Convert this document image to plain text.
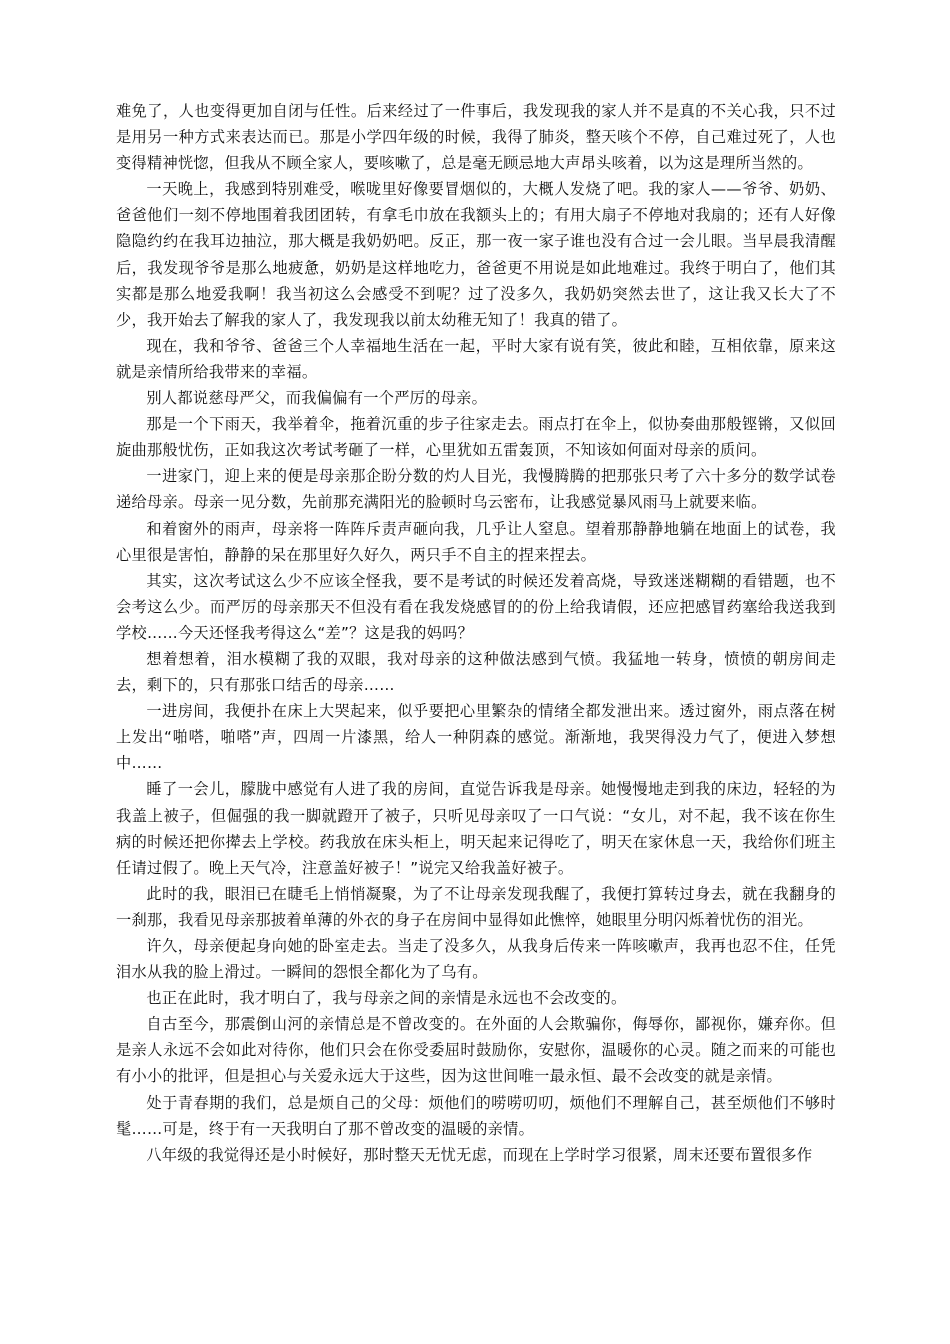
难免了，人也变得更加自闭与任性。后来经过了一件事后，我发现我的家人并不是真的不关心我，只不过是用另一种方式来表达而已。那是小学四年级的时候，我得了肺炎，整天咳个不停，自己难过死了，人也变得精神恍惚，但我从不顾全家人，要咳嗽了，总是毫无顾忌地大声昂头咳着，以为这是理所当然的。

一天晚上，我感到特别难受，喉咙里好像要冒烟似的，大概人发烧了吧。我的家人——爷爷、奶奶、爸爸他们一刻不停地围着我团团转，有拿毛巾放在我额头上的；有用大扇子不停地对我扇的；还有人好像隐隐约约在我耳边抽泣，那大概是我奶奶吧。反正，那一夜一家子谁也没有合过一会儿眼。当早晨我清醒后，我发现爷爷是那么地疲惫，奶奶是这样地吃力，爸爸更不用说是如此地难过。我终于明白了，他们其实都是那么地爱我啊！我当初这么会感受不到呢？过了没多久，我奶奶突然去世了，这让我又长大了不少，我开始去了解我的家人了，我发现我以前太幼稚无知了！我真的错了。

现在，我和爷爷、爸爸三个人幸福地生活在一起，平时大家有说有笑，彼此和睦，互相依靠，原来这就是亲情所给我带来的幸福。

别人都说慈母严父，而我偏偏有一个严厉的母亲。

那是一个下雨天，我举着伞，拖着沉重的步子往家走去。雨点打在伞上，似协奏曲那般铿锵，又似回旋曲那般忧伤，正如我这次考试考砸了一样，心里犹如五雷轰顶，不知该如何面对母亲的质问。

一进家门，迎上来的便是母亲那企盼分数的灼人目光，我慢腾腾的把那张只考了六十多分的数学试卷递给母亲。母亲一见分数，先前那充满阳光的脸顿时乌云密布，让我感觉暴风雨马上就要来临。

和着窗外的雨声，母亲将一阵阵斥责声砸向我，几乎让人窒息。望着那静静地躺在地面上的试卷，我心里很是害怕，静静的呆在那里好久好久，两只手不自主的捏来捏去。

其实，这次考试这么少不应该全怪我，要不是考试的时候还发着高烧，导致迷迷糊糊的看错题，也不会考这么少。而严厉的母亲那天不但没有看在我发烧感冒的的份上给我请假，还应把感冒药塞给我送我到学校……今天还怪我考得这么“差”？这是我的妈吗？

想着想着，泪水模糊了我的双眼，我对母亲的这种做法感到气愤。我猛地一转身，愤愤的朝房间走去，剩下的，只有那张口结舌的母亲……

一进房间，我便扑在床上大哭起来，似乎要把心里繁杂的情绪全都发泄出来。透过窗外，雨点落在树上发出“啪嗒，啪嗒”声，四周一片漆黑，给人一种阴森的感觉。渐渐地，我哭得没力气了，便进入梦想中……

睡了一会儿，朦胧中感觉有人进了我的房间，直觉告诉我是母亲。她慢慢地走到我的床边，轻轻的为我盖上被子，但倔强的我一脚就蹬开了被子，只听见母亲叹了一口气说：“女儿，对不起，我不该在你生病的时候还把你撵去上学校。药我放在床头柜上，明天起来记得吃了，明天在家休息一天，我给你们班主任请过假了。晚上天气冷，注意盖好被子！”说完又给我盖好被子。

此时的我，眼泪已在睫毛上悄悄凝聚，为了不让母亲发现我醒了，我便打算转过身去，就在我翻身的一刹那，我看见母亲那披着单薄的外衣的身子在房间中显得如此憔悴，她眼里分明闪烁着忧伤的泪光。

许久，母亲便起身向她的卧室走去。当走了没多久，从我身后传来一阵咳嗽声，我再也忍不住，任凭泪水从我的脸上滑过。一瞬间的怨恨全都化为了乌有。

也正在此时，我才明白了，我与母亲之间的亲情是永远也不会改变的。

自古至今，那震倒山河的亲情总是不曾改变的。在外面的人会欺骗你，侮辱你，鄙视你，嫌弃你。但是亲人永远不会如此对待你，他们只会在你受委屈时鼓励你，安慰你，温暖你的心灵。随之而来的可能也有小小的批评，但是担心与关爱永远大于这些，因为这世间唯一最永恒、最不会改变的就是亲情。

处于青春期的我们，总是烦自己的父母：烦他们的唠唠叨叨，烦他们不理解自己，甚至烦他们不够时髦……可是，终于有一天我明白了那不曾改变的温暖的亲情。

八年级的我觉得还是小时候好，那时整天无忧无虑，而现在上学时学习很紧，周末还要布置很多作
